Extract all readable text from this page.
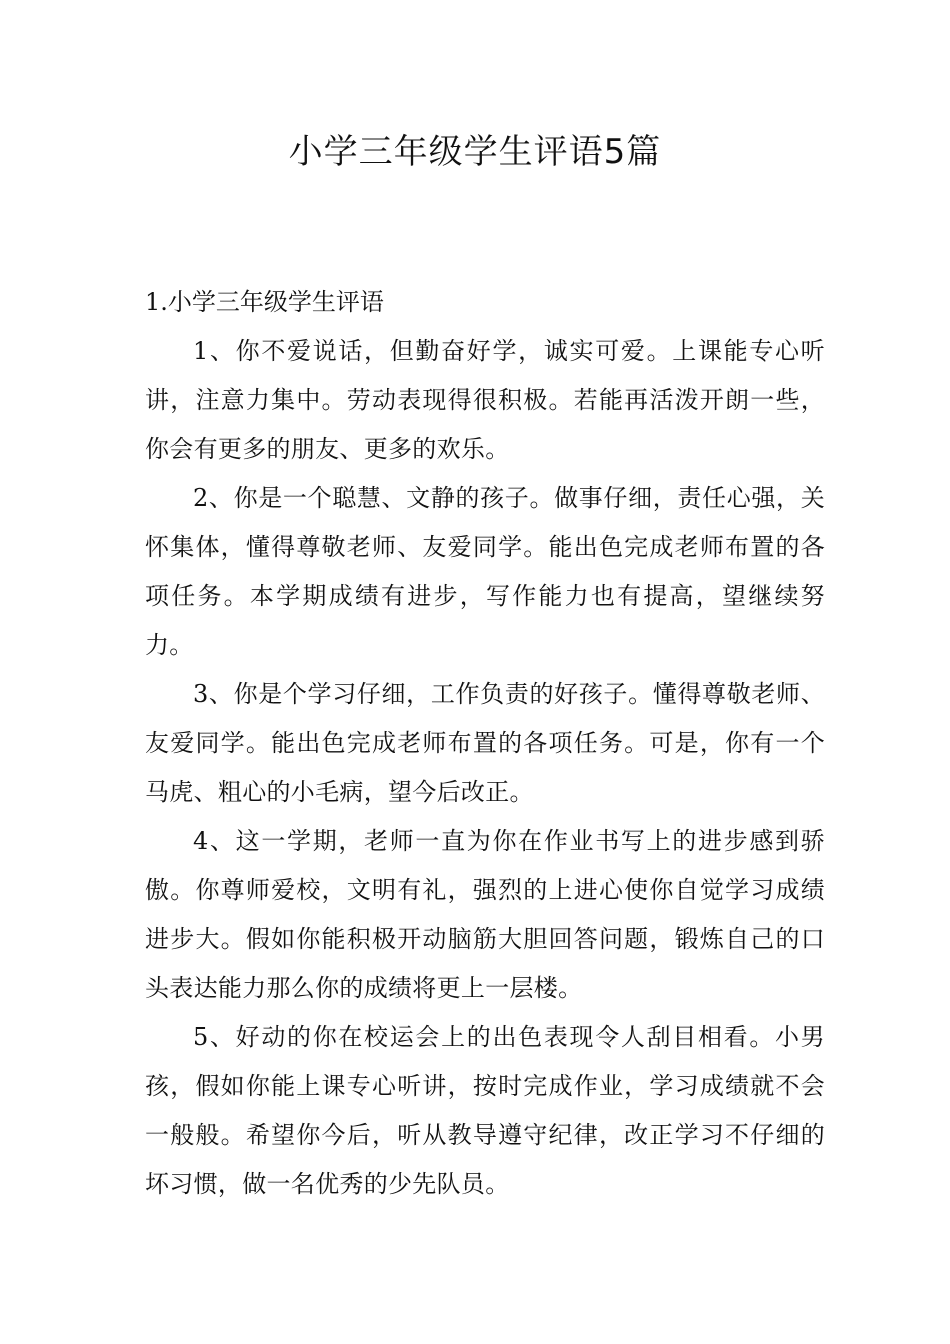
小学三年级学生评语5篇

1.小学三年级学生评语

1、你不爱说话，但勤奋好学，诚实可爱。上课能专心听讲，注意力集中。劳动表现得很积极。若能再活泼开朗一些，你会有更多的朋友、更多的欢乐。

2、你是一个聪慧、文静的孩子。做事仔细，责任心强，关怀集体，懂得尊敬老师、友爱同学。能出色完成老师布置的各项任务。本学期成绩有进步，写作能力也有提高，望继续努力。

3、你是个学习仔细，工作负责的好孩子。懂得尊敬老师、友爱同学。能出色完成老师布置的各项任务。可是，你有一个马虎、粗心的小毛病，望今后改正。

4、这一学期，老师一直为你在作业书写上的进步感到骄傲。你尊师爱校，文明有礼，强烈的上进心使你自觉学习成绩进步大。假如你能积极开动脑筋大胆回答问题，锻炼自己的口头表达能力那么你的成绩将更上一层楼。

5、好动的你在校运会上的出色表现令人刮目相看。小男孩，假如你能上课专心听讲，按时完成作业，学习成绩就不会一般般。希望你今后，听从教导遵守纪律，改正学习不仔细的坏习惯，做一名优秀的少先队员。
